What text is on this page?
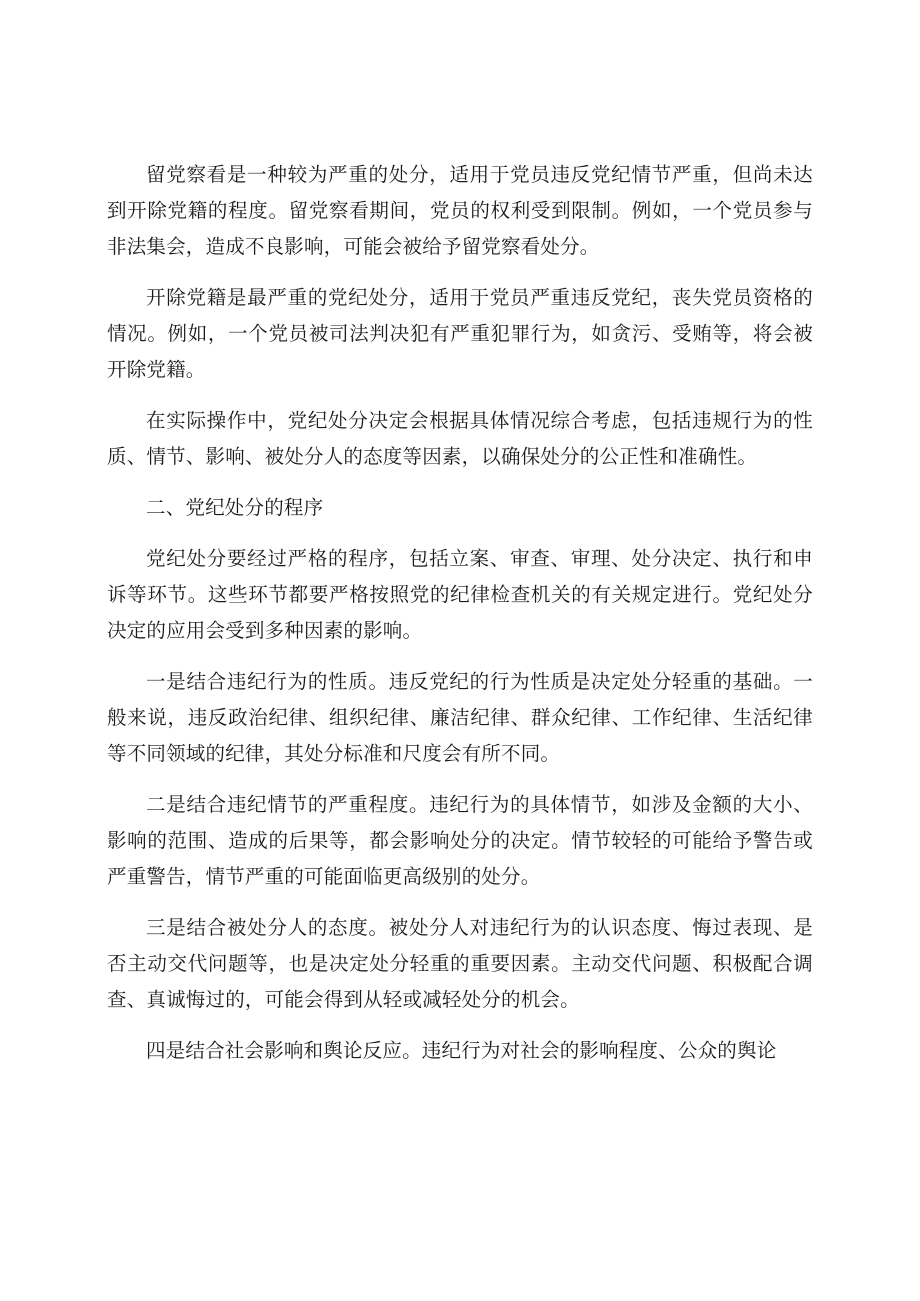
留党察看是一种较为严重的处分，适用于党员违反党纪情节严重，但尚未达到开除党籍的程度。留党察看期间，党员的权利受到限制。例如，一个党员参与非法集会，造成不良影响，可能会被给予留党察看处分。

开除党籍是最严重的党纪处分，适用于党员严重违反党纪，丧失党员资格的情况。例如，一个党员被司法判决犯有严重犯罪行为，如贪污、受贿等，将会被开除党籍。

在实际操作中，党纪处分决定会根据具体情况综合考虑，包括违规行为的性质、情节、影响、被处分人的态度等因素，以确保处分的公正性和准确性。

二、党纪处分的程序

党纪处分要经过严格的程序，包括立案、审查、审理、处分决定、执行和申诉等环节。这些环节都要严格按照党的纪律检查机关的有关规定进行。党纪处分决定的应用会受到多种因素的影响。

一是结合违纪行为的性质。违反党纪的行为性质是决定处分轻重的基础。一般来说，违反政治纪律、组织纪律、廉洁纪律、群众纪律、工作纪律、生活纪律等不同领域的纪律，其处分标准和尺度会有所不同。

二是结合违纪情节的严重程度。违纪行为的具体情节，如涉及金额的大小、影响的范围、造成的后果等，都会影响处分的决定。情节较轻的可能给予警告或严重警告，情节严重的可能面临更高级别的处分。

三是结合被处分人的态度。被处分人对违纪行为的认识态度、悔过表现、是否主动交代问题等，也是决定处分轻重的重要因素。主动交代问题、积极配合调查、真诚悔过的，可能会得到从轻或减轻处分的机会。

四是结合社会影响和舆论反应。违纪行为对社会的影响程度、公众的舆论
